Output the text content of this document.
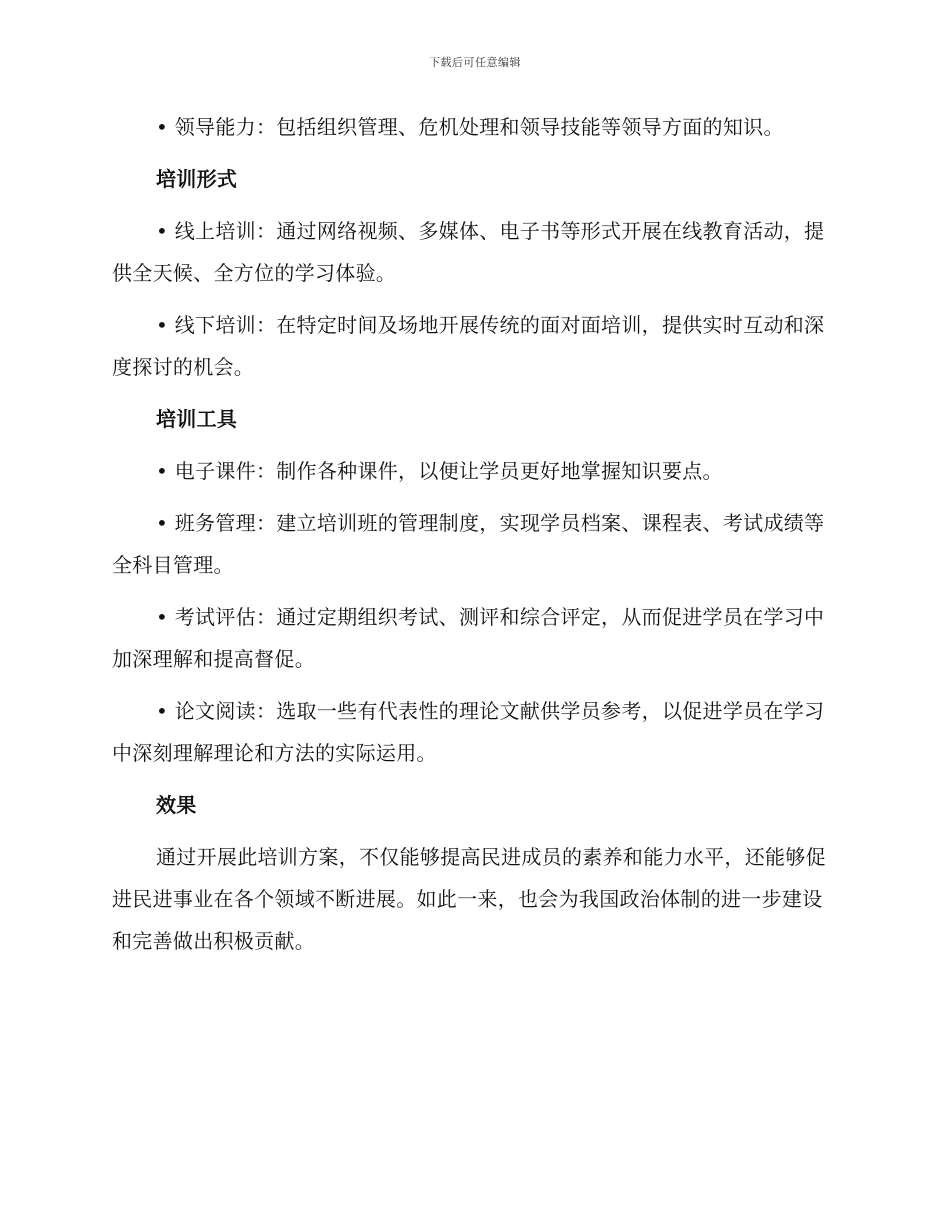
下载后可任意编辑

• 领导能力：包括组织管理、危机处理和领导技能等领导方面的知识。

培训形式

• 线上培训：通过网络视频、多媒体、电子书等形式开展在线教育活动，提供全天候、全方位的学习体验。

• 线下培训：在特定时间及场地开展传统的面对面培训，提供实时互动和深度探讨的机会。

培训工具

• 电子课件：制作各种课件，以便让学员更好地掌握知识要点。

• 班务管理：建立培训班的管理制度，实现学员档案、课程表、考试成绩等全科目管理。

• 考试评估：通过定期组织考试、测评和综合评定，从而促进学员在学习中加深理解和提高督促。

• 论文阅读：选取一些有代表性的理论文献供学员参考，以促进学员在学习中深刻理解理论和方法的实际运用。

效果

通过开展此培训方案，不仅能够提高民进成员的素养和能力水平，还能够促进民进事业在各个领域不断进展。如此一来，也会为我国政治体制的进一步建设和完善做出积极贡献。
